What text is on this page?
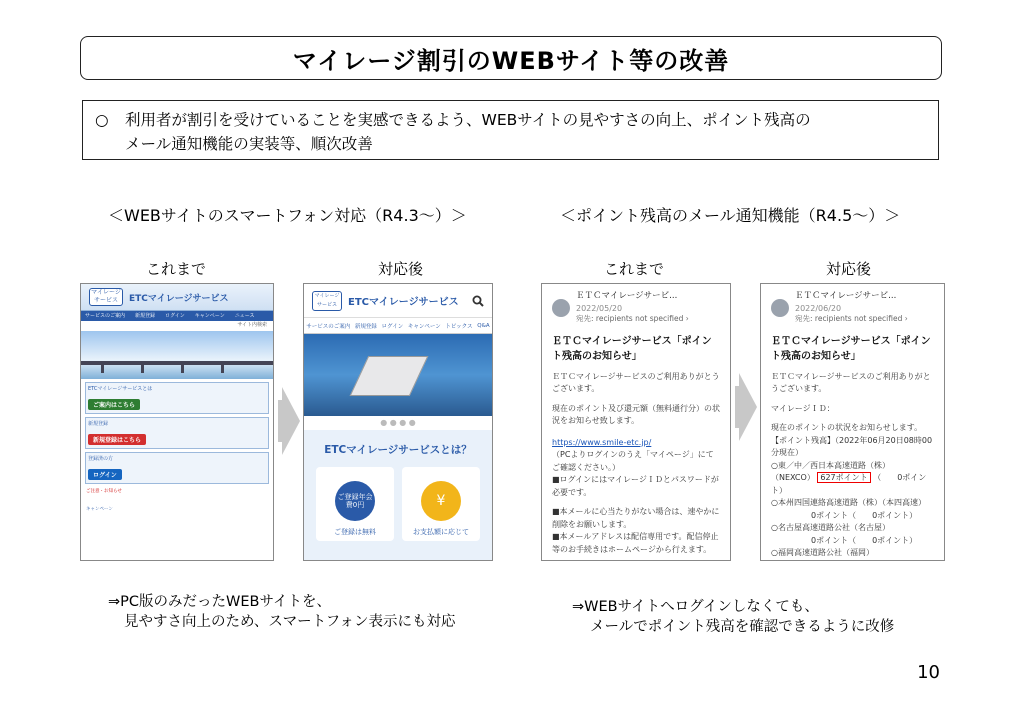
マイレージ割引のWEBサイト等の改善
○ 利用者が割引を受けていることを実感できるよう、WEBサイトの見やすさの向上、ポイント残高の
メール通知機能の実装等、順次改善
＜WEBサイトのスマートフォン対応（R4.3～）＞	＜ポイント残高のメール通知機能（R4.5～）＞
これまで	対応後	これまで	対応後
マイレージサービス	ETCマイレージサービス
サービスのご案内 新規登録 ログイン キャンペーン ニュース
サイト内検索
ETCマイレージサービスとは
ご案内はこちら
新規登録
新規登録はこちら
登録済の方
ログイン
ご注意・お知らせ
キャンペーン
マイレージサービス	ETCマイレージサービス
サービスのご案内 新規登録 ログイン キャンペーン トピックス Q&A
● ● ● ●
ETCマイレージサービスとは？
ご登録年会費0円
ご登録は無料
¥
お支払額に応じて
ＥＴＣマイレージサービ... 2022/05/20
宛先: recipients not specified ›
ＥＴＣマイレージサービス「ポイント残高のお知らせ」

ＥＴＣマイレージサービスのご利用ありがとうございます。

現在のポイント及び還元額（無料通行分）の状況をお知らせ致します。

https://www.smile-etc.jp/

（PCよりログインのうえ「マイページ」にてご確認ください。）
■ログインにはマイレージＩＤとパスワードが必要です。

■本メールに心当たりがない場合は、速やかに削除をお願いします。

■本メールアドレスは配信専用です。配信停止等のお手続きはホームページから行えます。
ＥＴＣマイレージサービ... 2022/06/20
宛先: recipients not specified ›
ＥＴＣマイレージサービス「ポイント残高のお知らせ」

ＥＴＣマイレージサービスのご利用ありがとうございます。

マイレージＩＤ：

現在のポイントの状況をお知らせします。

【ポイント残高】（2022年06月20日08時00分現在）
○東／中／西日本高速道路（株）
（NEXCO） 627ポイント （　　0ポイント）
○本州四国連絡高速道路（株）（本四高速）
0ポイント（　　0ポイント）
○名古屋高速道路公社（名古屋）
0ポイント（　　0ポイント）
○福岡高速道路公社（福岡）
⇒PC版のみだったWEBサイトを、
見やすさ向上のため、スマートフォン表示にも対応
⇒WEBサイトへログインしなくても、
メールでポイント残高を確認できるように改修
10
